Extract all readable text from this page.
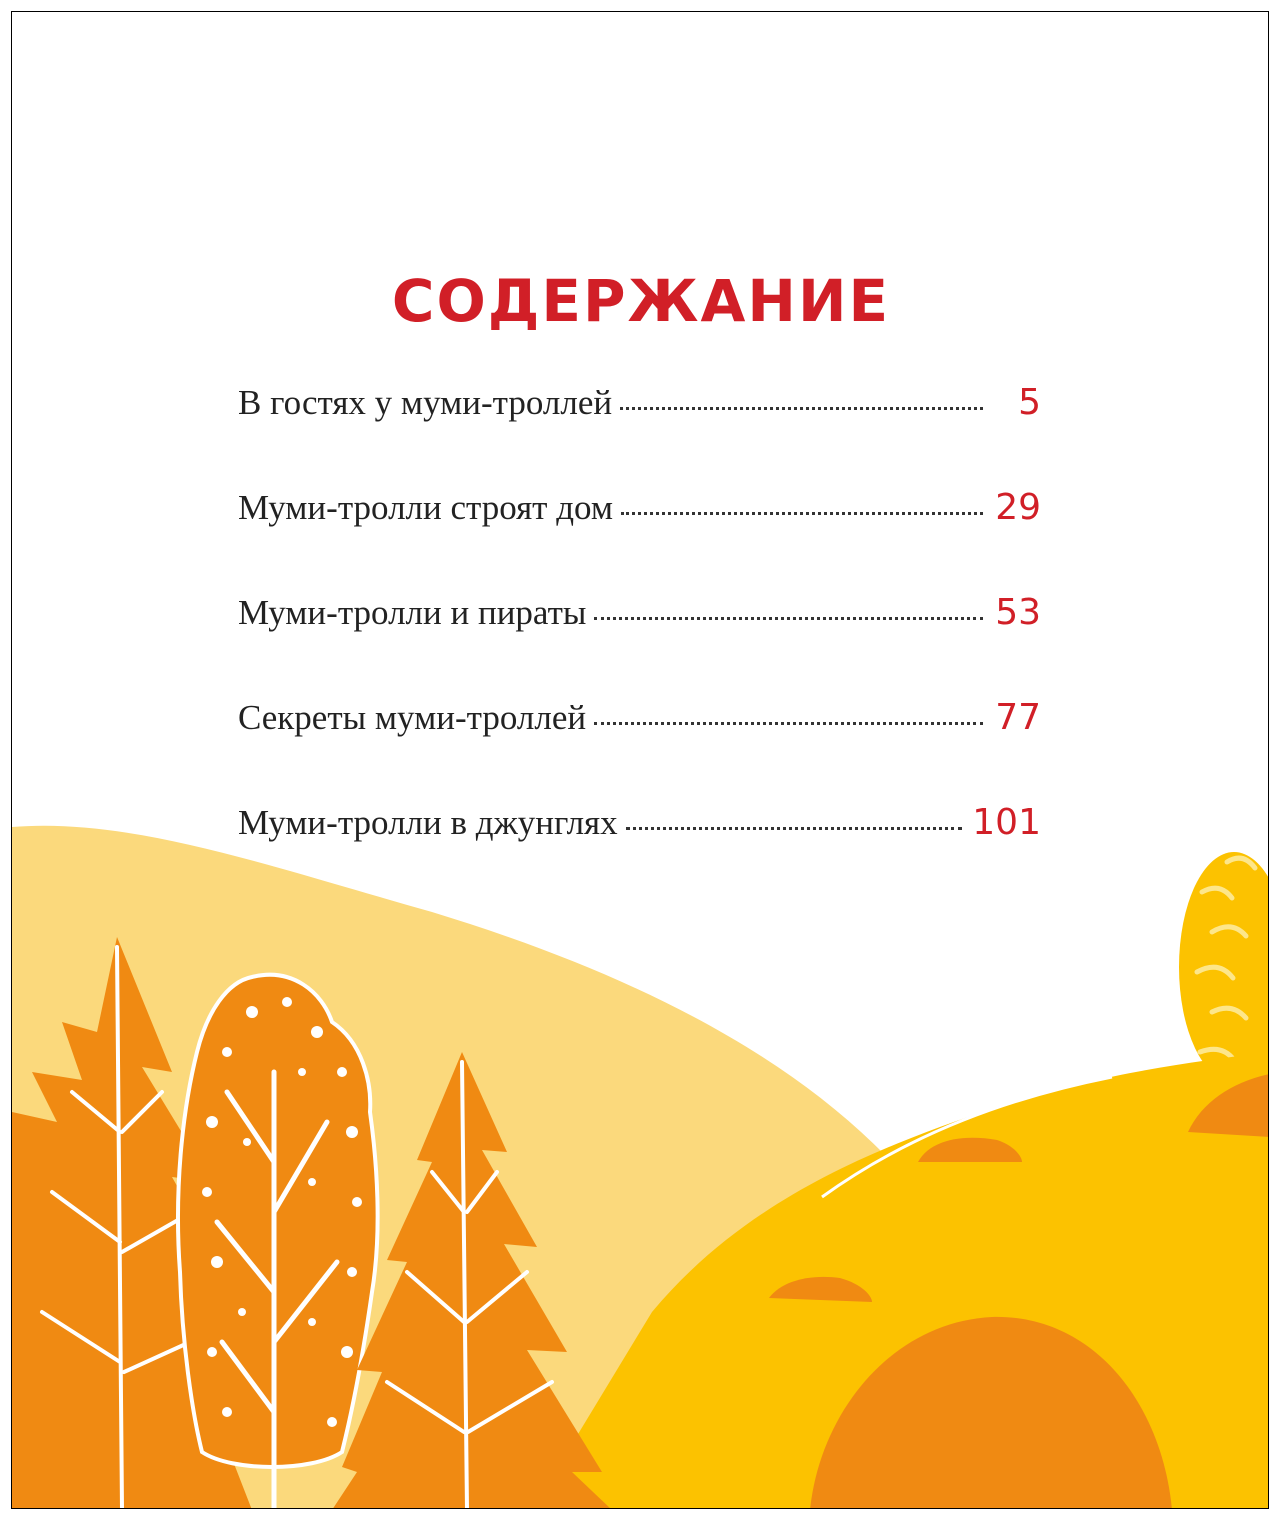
СОДЕРЖАНИЕ
В гостях у муми-троллей	5
Муми-тролли строят дом	29
Муми-тролли и пираты	53
Секреты муми-троллей	77
Муми-тролли в джунглях	101
